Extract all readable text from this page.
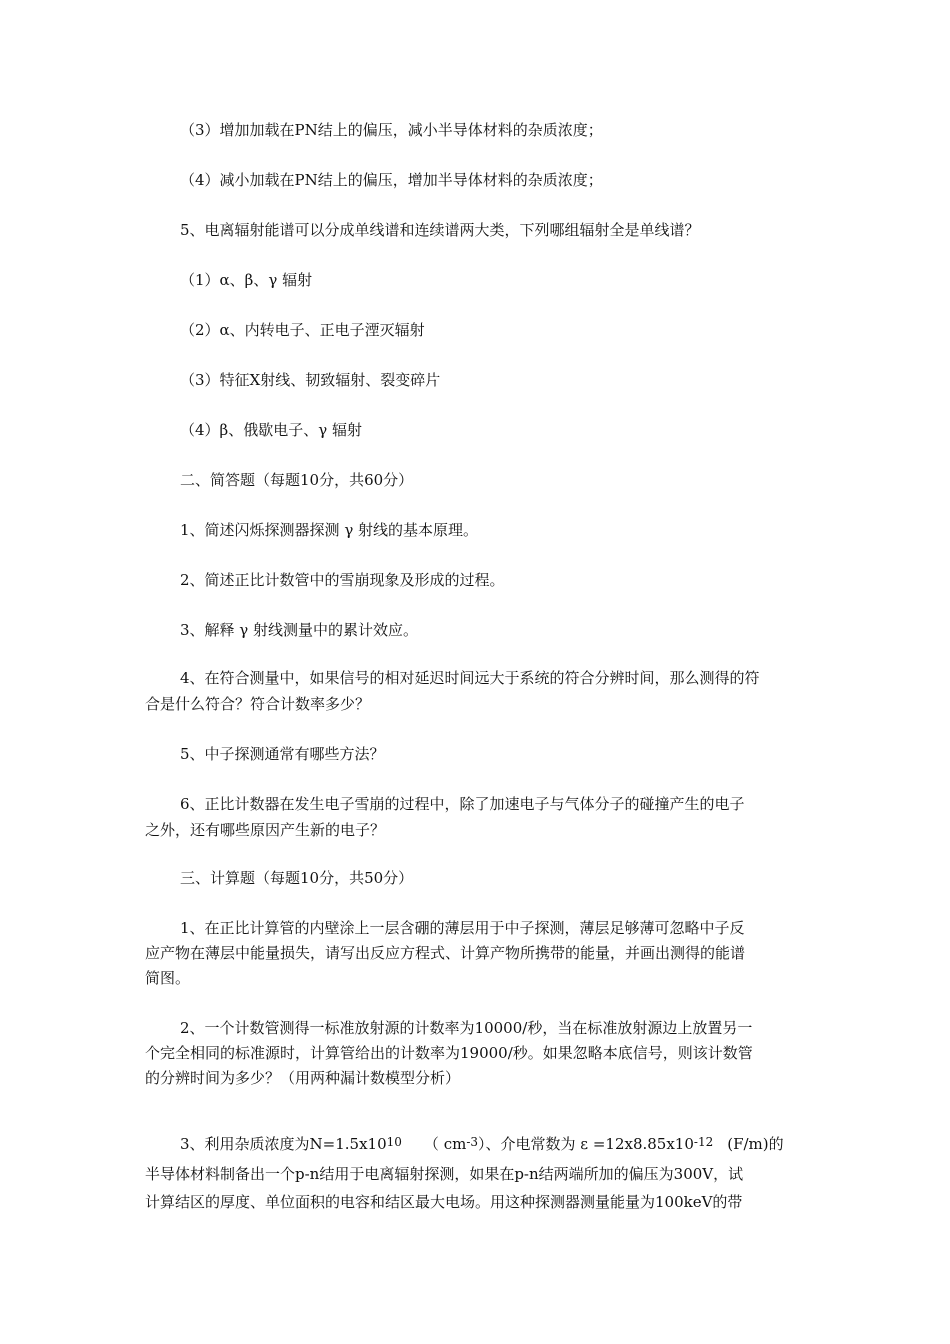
（3）增加加载在PN结上的偏压，减小半导体材料的杂质浓度；
（4）减小加载在PN结上的偏压，增加半导体材料的杂质浓度；
5、电离辐射能谱可以分成单线谱和连续谱两大类，下列哪组辐射全是单线谱？
（1）α、β、γ 辐射
（2）α、内转电子、正电子湮灭辐射
（3）特征X射线、韧致辐射、裂变碎片
（4）β、俄歇电子、γ 辐射
二、简答题（每题10分，共60分）
1、简述闪烁探测器探测 γ 射线的基本原理。
2、简述正比计数管中的雪崩现象及形成的过程。
3、解释 γ 射线测量中的累计效应。
4、在符合测量中，如果信号的相对延迟时间远大于系统的符合分辨时间，那么测得的符
合是什么符合？符合计数率多少？
5、中子探测通常有哪些方法？
6、正比计数器在发生电子雪崩的过程中，除了加速电子与气体分子的碰撞产生的电子
之外，还有哪些原因产生新的电子？
三、计算题（每题10分，共50分）
1、在正比计算管的内壁涂上一层含硼的薄层用于中子探测，薄层足够薄可忽略中子反
应产物在薄层中能量损失，请写出反应方程式、计算产物所携带的能量，并画出测得的能谱
简图。
2、一个计数管测得一标准放射源的计数率为10000/秒，当在标准放射源边上放置另一
个完全相同的标准源时，计算管给出的计数率为19000/秒。如果忽略本底信号，则该计数管
的分辨时间为多少？（用两种漏计数模型分析）
3、利用杂质浓度为$N=1.5x10^{10}$ （ $cm^{-3}$）、介电常数为 $\varepsilon =12x8.85x10^{-12}$ (F/m)的
半导体材料制备出一个p-n结用于电离辐射探测，如果在p-n结两端所加的偏压为300V，试
计算结区的厚度、单位面积的电容和结区最大电场。用这种探测器测量能量为100keV的带
